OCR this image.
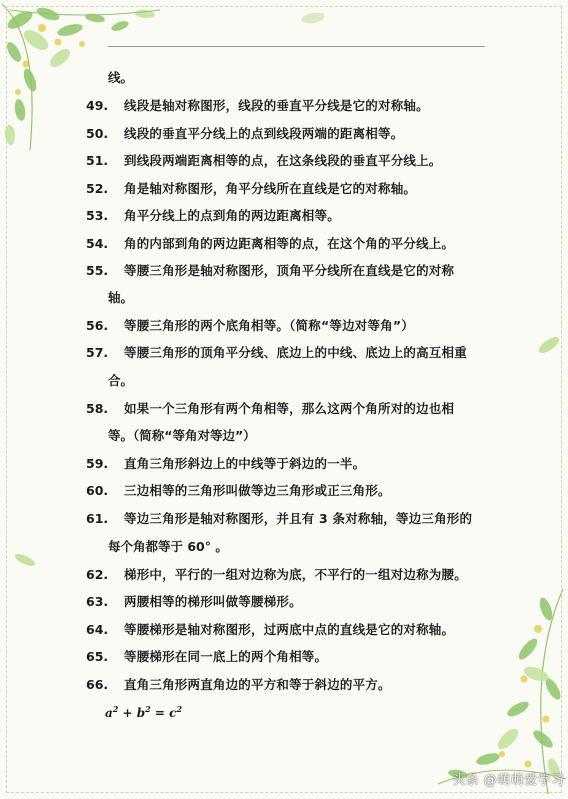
线。
49.	线段是轴对称图形，线段的垂直平分线是它的对称轴。
50.	线段的垂直平分线上的点到线段两端的距离相等。
51.	到线段两端距离相等的点，在这条线段的垂直平分线上。
52.	角是轴对称图形，角平分线所在直线是它的对称轴。
53.	角平分线上的点到角的两边距离相等。
54.	角的内部到角的两边距离相等的点，在这个角的平分线上。
55.	等腰三角形是轴对称图形，顶角平分线所在直线是它的对称
轴。
56.	等腰三角形的两个底角相等。（简称“等边对等角”）
57.	等腰三角形的顶角平分线、底边上的中线、底边上的高互相重
合。
58.	如果一个三角形有两个角相等，那么这两个角所对的边也相
等。（简称“等角对等边”）
59.	直角三角形斜边上的中线等于斜边的一半。
60.	三边相等的三角形叫做等边三角形或正三角形。
61.	等边三角形是轴对称图形，并且有 3 条对称轴，等边三角形的
每个角都等于 60° 。
62.	梯形中，平行的一组对边称为底，不平行的一组对边称为腰。
63.	两腰相等的梯形叫做等腰梯形。
64.	等腰梯形是轴对称图形，过两底中点的直线是它的对称轴。
65.	等腰梯形在同一底上的两个角相等。
66.	直角三角形两直角边的平方和等于斜边的平方。
$a^2 + b^2 = c^2$
头条 @萌萌爱学习
